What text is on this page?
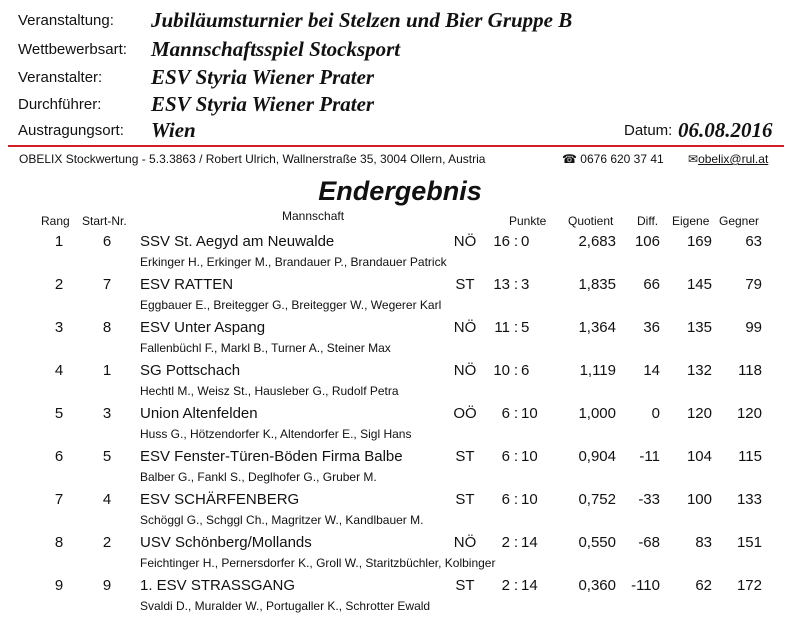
Veranstaltung: Jubiläumsturnier bei Stelzen und Bier Gruppe B
Wettbewerbsart: Mannschaftsspiel Stocksport
Veranstalter: ESV Styria Wiener Prater
Durchführer: ESV Styria Wiener Prater
Austragungsort: Wien	Datum: 06.08.2016
OBELIX Stockwertung - 5.3.3863 / Robert Ulrich, Wallnerstraße 35, 3004 Ollern, Austria	☎ 0676 620 37 41 ✉obelix@rul.at
Endergebnis
Rang Start-Nr.	Mannschaft	Punkte Quotient Diff. Eigene Gegner
1	6	SSV St. Aegyd am Neuwalde	NÖ	16 : 0	2,683	106	169	63
Erkinger H., Erkinger M., Brandauer P., Brandauer Patrick
2	7	ESV RATTEN	ST	13 : 3	1,835	66	145	79
Eggbauer E., Breitegger G., Breitegger W., Wegerer Karl
3	8	ESV Unter Aspang	NÖ	11 : 5	1,364	36	135	99
Fallenbüchl F., Markl B., Turner A., Steiner Max
4	1	SG Pottschach	NÖ	10 : 6	1,119	14	132	118
Hechtl M., Weisz St., Hausleber G., Rudolf Petra
5	3	Union Altenfelden	OÖ	6 : 10	1,000	0	120	120
Huss G., Hötzendorfer K., Altendorfer E., Sigl Hans
6	5	ESV Fenster-Türen-Böden Firma Balbe	ST	6 : 10	0,904	-11	104	115
Balber G., Fankl S., Deglhofer G., Gruber M.
7	4	ESV SCHÄRFENBERG	ST	6 : 10	0,752	-33	100	133
Schöggl G., Schggl Ch., Magritzer W., Kandlbauer M.
8	2	USV Schönberg/Mollands	NÖ	2 : 14	0,550	-68	83	151
Feichtinger H., Pernersdorfer K., Groll W., Staritzbüchler, Kolbinger
9	9	1. ESV STRASSGANG	ST	2 : 14	0,360	-110	62	172
Svaldi D., Muralder W., Portugaller K., Schrotter Ewald
